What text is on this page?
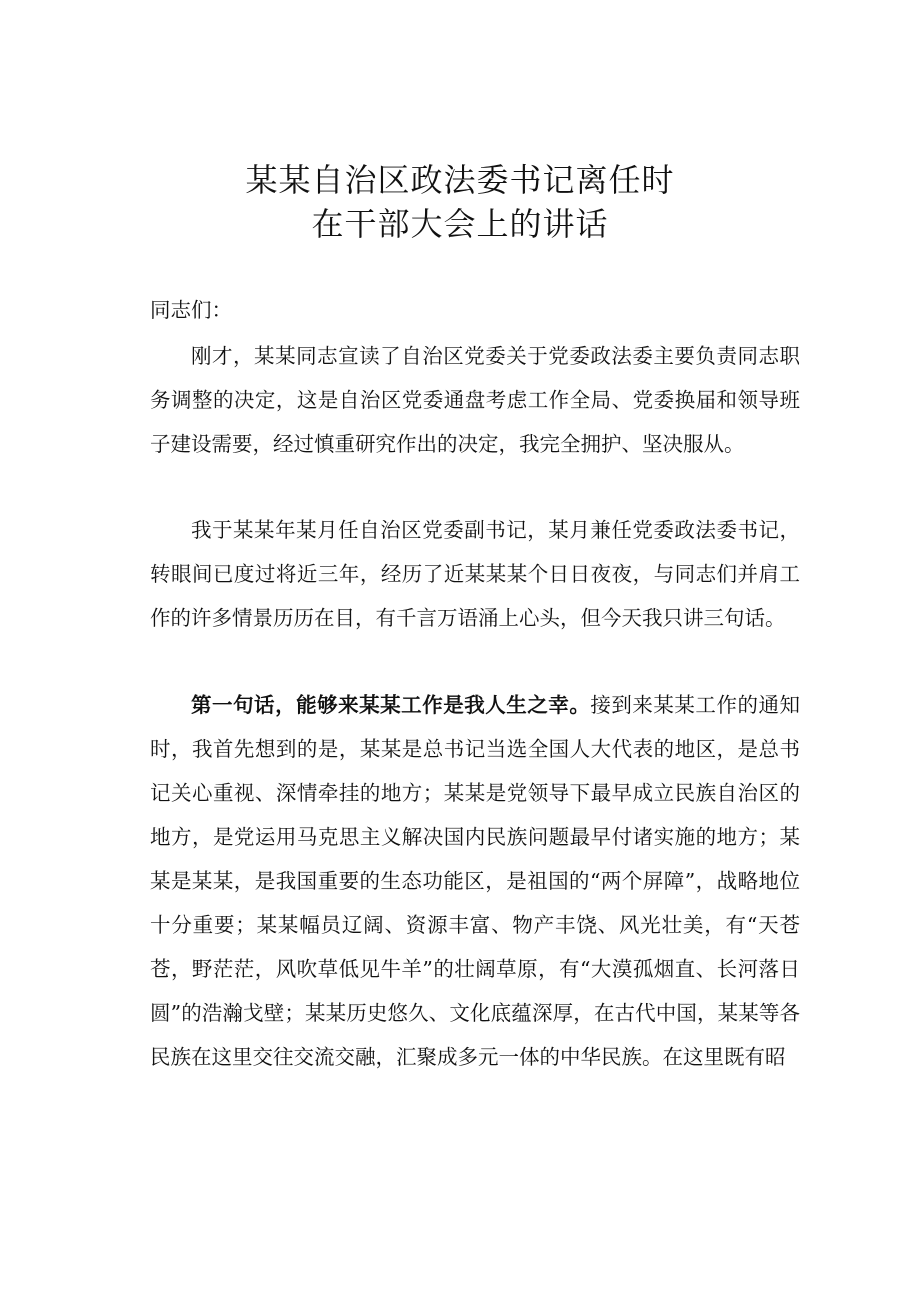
某某自治区政法委书记离任时
在干部大会上的讲话

同志们：

刚才，某某同志宣读了自治区党委关于党委政法委主要负责同志职务调整的决定，这是自治区党委通盘考虑工作全局、党委换届和领导班子建设需要，经过慎重研究作出的决定，我完全拥护、坚决服从。

我于某某年某月任自治区党委副书记，某月兼任党委政法委书记，转眼间已度过将近三年，经历了近某某某个日日夜夜，与同志们并肩工作的许多情景历历在目，有千言万语涌上心头，但今天我只讲三句话。

第一句话，能够来某某工作是我人生之幸。接到来某某工作的通知时，我首先想到的是，某某是总书记当选全国人大代表的地区，是总书记关心重视、深情牵挂的地方；某某是党领导下最早成立民族自治区的地方，是党运用马克思主义解决国内民族问题最早付诸实施的地方；某某是某某，是我国重要的生态功能区，是祖国的“两个屏障”，战略地位十分重要；某某幅员辽阔、资源丰富、物产丰饶、风光壮美，有“天苍苍，野茫茫，风吹草低见牛羊”的壮阔草原，有“大漠孤烟直、长河落日圆”的浩瀚戈壁；某某历史悠久、文化底蕴深厚，在古代中国，某某等各民族在这里交往交流交融，汇聚成多元一体的中华民族。在这里既有昭
